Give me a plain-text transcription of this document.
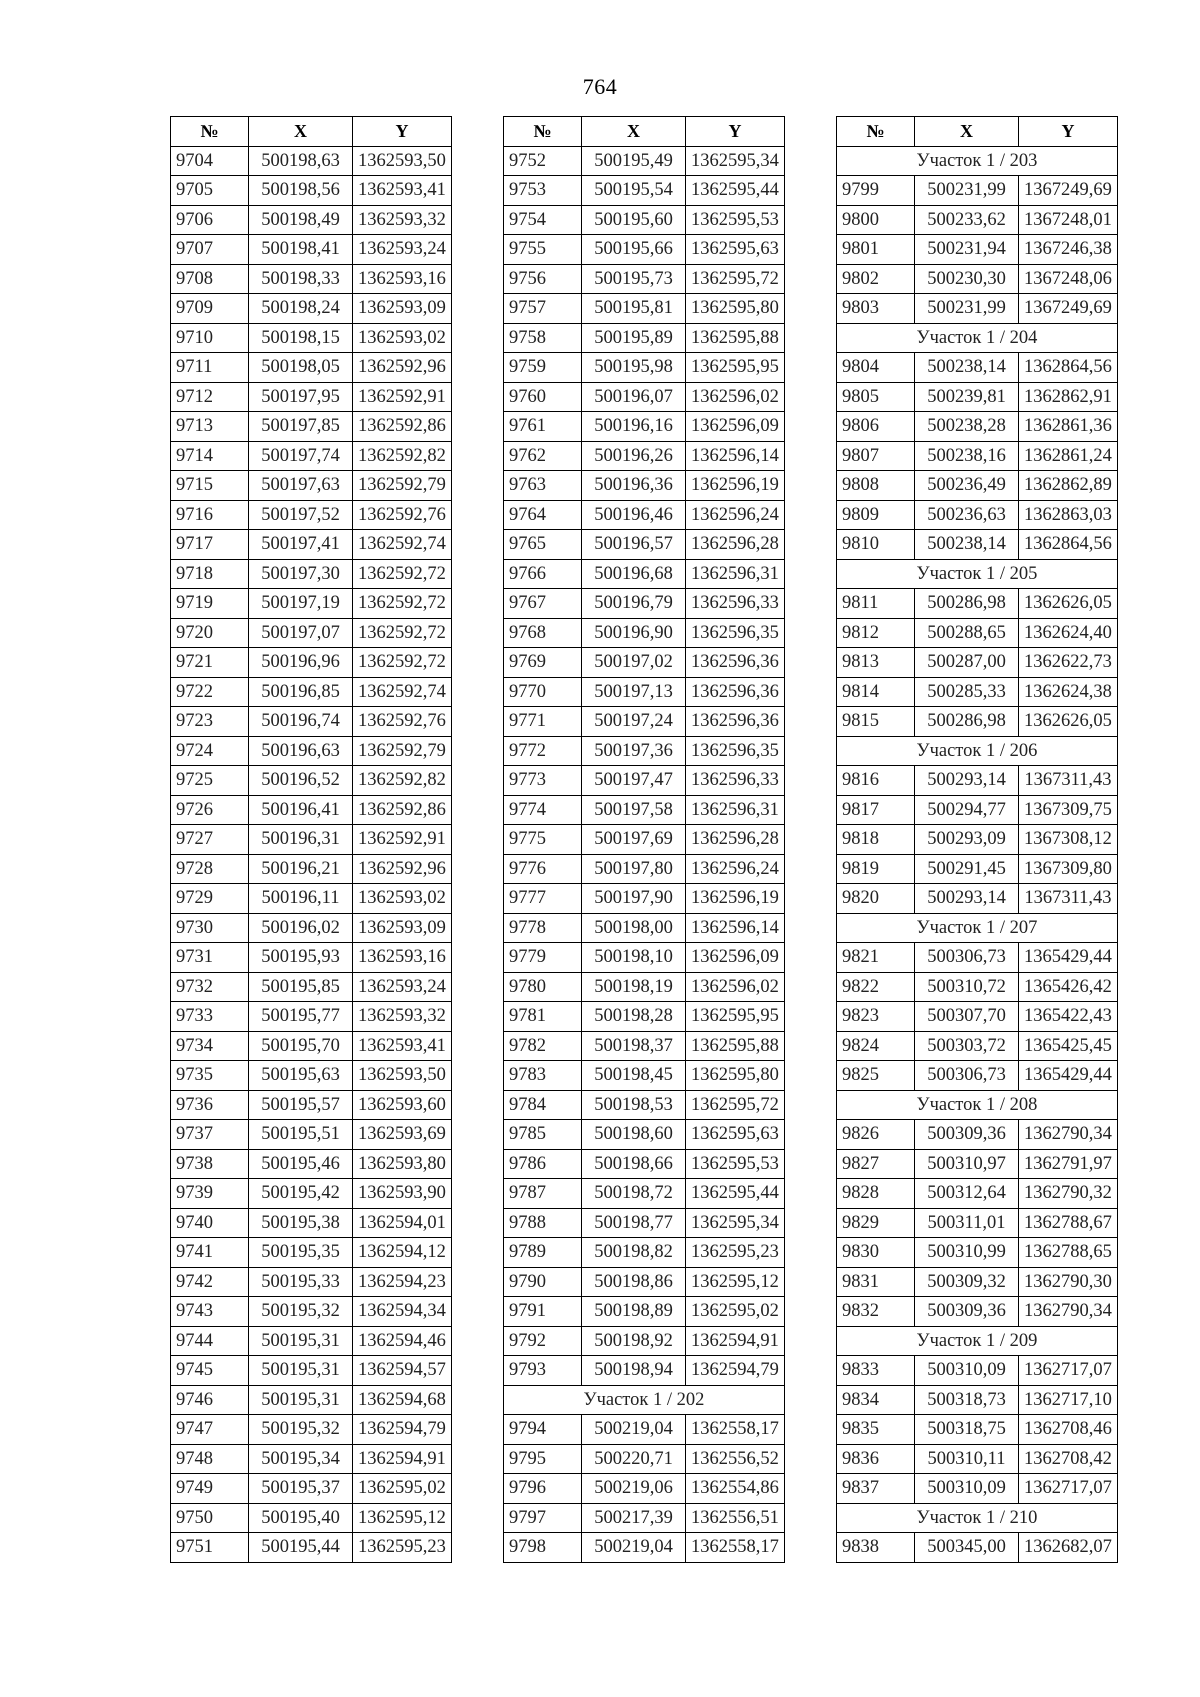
764
№	X	Y
9704	500198,63	1362593,50
9705	500198,56	1362593,41
9706	500198,49	1362593,32
9707	500198,41	1362593,24
9708	500198,33	1362593,16
9709	500198,24	1362593,09
9710	500198,15	1362593,02
9711	500198,05	1362592,96
9712	500197,95	1362592,91
9713	500197,85	1362592,86
9714	500197,74	1362592,82
9715	500197,63	1362592,79
9716	500197,52	1362592,76
9717	500197,41	1362592,74
9718	500197,30	1362592,72
9719	500197,19	1362592,72
9720	500197,07	1362592,72
9721	500196,96	1362592,72
9722	500196,85	1362592,74
9723	500196,74	1362592,76
9724	500196,63	1362592,79
9725	500196,52	1362592,82
9726	500196,41	1362592,86
9727	500196,31	1362592,91
9728	500196,21	1362592,96
9729	500196,11	1362593,02
9730	500196,02	1362593,09
9731	500195,93	1362593,16
9732	500195,85	1362593,24
9733	500195,77	1362593,32
9734	500195,70	1362593,41
9735	500195,63	1362593,50
9736	500195,57	1362593,60
9737	500195,51	1362593,69
9738	500195,46	1362593,80
9739	500195,42	1362593,90
9740	500195,38	1362594,01
9741	500195,35	1362594,12
9742	500195,33	1362594,23
9743	500195,32	1362594,34
9744	500195,31	1362594,46
9745	500195,31	1362594,57
9746	500195,31	1362594,68
9747	500195,32	1362594,79
9748	500195,34	1362594,91
9749	500195,37	1362595,02
9750	500195,40	1362595,12
9751	500195,44	1362595,23
№	X	Y
9752	500195,49	1362595,34
9753	500195,54	1362595,44
9754	500195,60	1362595,53
9755	500195,66	1362595,63
9756	500195,73	1362595,72
9757	500195,81	1362595,80
9758	500195,89	1362595,88
9759	500195,98	1362595,95
9760	500196,07	1362596,02
9761	500196,16	1362596,09
9762	500196,26	1362596,14
9763	500196,36	1362596,19
9764	500196,46	1362596,24
9765	500196,57	1362596,28
9766	500196,68	1362596,31
9767	500196,79	1362596,33
9768	500196,90	1362596,35
9769	500197,02	1362596,36
9770	500197,13	1362596,36
9771	500197,24	1362596,36
9772	500197,36	1362596,35
9773	500197,47	1362596,33
9774	500197,58	1362596,31
9775	500197,69	1362596,28
9776	500197,80	1362596,24
9777	500197,90	1362596,19
9778	500198,00	1362596,14
9779	500198,10	1362596,09
9780	500198,19	1362596,02
9781	500198,28	1362595,95
9782	500198,37	1362595,88
9783	500198,45	1362595,80
9784	500198,53	1362595,72
9785	500198,60	1362595,63
9786	500198,66	1362595,53
9787	500198,72	1362595,44
9788	500198,77	1362595,34
9789	500198,82	1362595,23
9790	500198,86	1362595,12
9791	500198,89	1362595,02
9792	500198,92	1362594,91
9793	500198,94	1362594,79
Участок 1 / 202		
9794	500219,04	1362558,17
9795	500220,71	1362556,52
9796	500219,06	1362554,86
9797	500217,39	1362556,51
9798	500219,04	1362558,17
№	X	Y
Участок 1 / 203		
9799	500231,99	1367249,69
9800	500233,62	1367248,01
9801	500231,94	1367246,38
9802	500230,30	1367248,06
9803	500231,99	1367249,69
Участок 1 / 204		
9804	500238,14	1362864,56
9805	500239,81	1362862,91
9806	500238,28	1362861,36
9807	500238,16	1362861,24
9808	500236,49	1362862,89
9809	500236,63	1362863,03
9810	500238,14	1362864,56
Участок 1 / 205		
9811	500286,98	1362626,05
9812	500288,65	1362624,40
9813	500287,00	1362622,73
9814	500285,33	1362624,38
9815	500286,98	1362626,05
Участок 1 / 206		
9816	500293,14	1367311,43
9817	500294,77	1367309,75
9818	500293,09	1367308,12
9819	500291,45	1367309,80
9820	500293,14	1367311,43
Участок 1 / 207		
9821	500306,73	1365429,44
9822	500310,72	1365426,42
9823	500307,70	1365422,43
9824	500303,72	1365425,45
9825	500306,73	1365429,44
Участок 1 / 208		
9826	500309,36	1362790,34
9827	500310,97	1362791,97
9828	500312,64	1362790,32
9829	500311,01	1362788,67
9830	500310,99	1362788,65
9831	500309,32	1362790,30
9832	500309,36	1362790,34
Участок 1 / 209		
9833	500310,09	1362717,07
9834	500318,73	1362717,10
9835	500318,75	1362708,46
9836	500310,11	1362708,42
9837	500310,09	1362717,07
Участок 1 / 210		
9838	500345,00	1362682,07
